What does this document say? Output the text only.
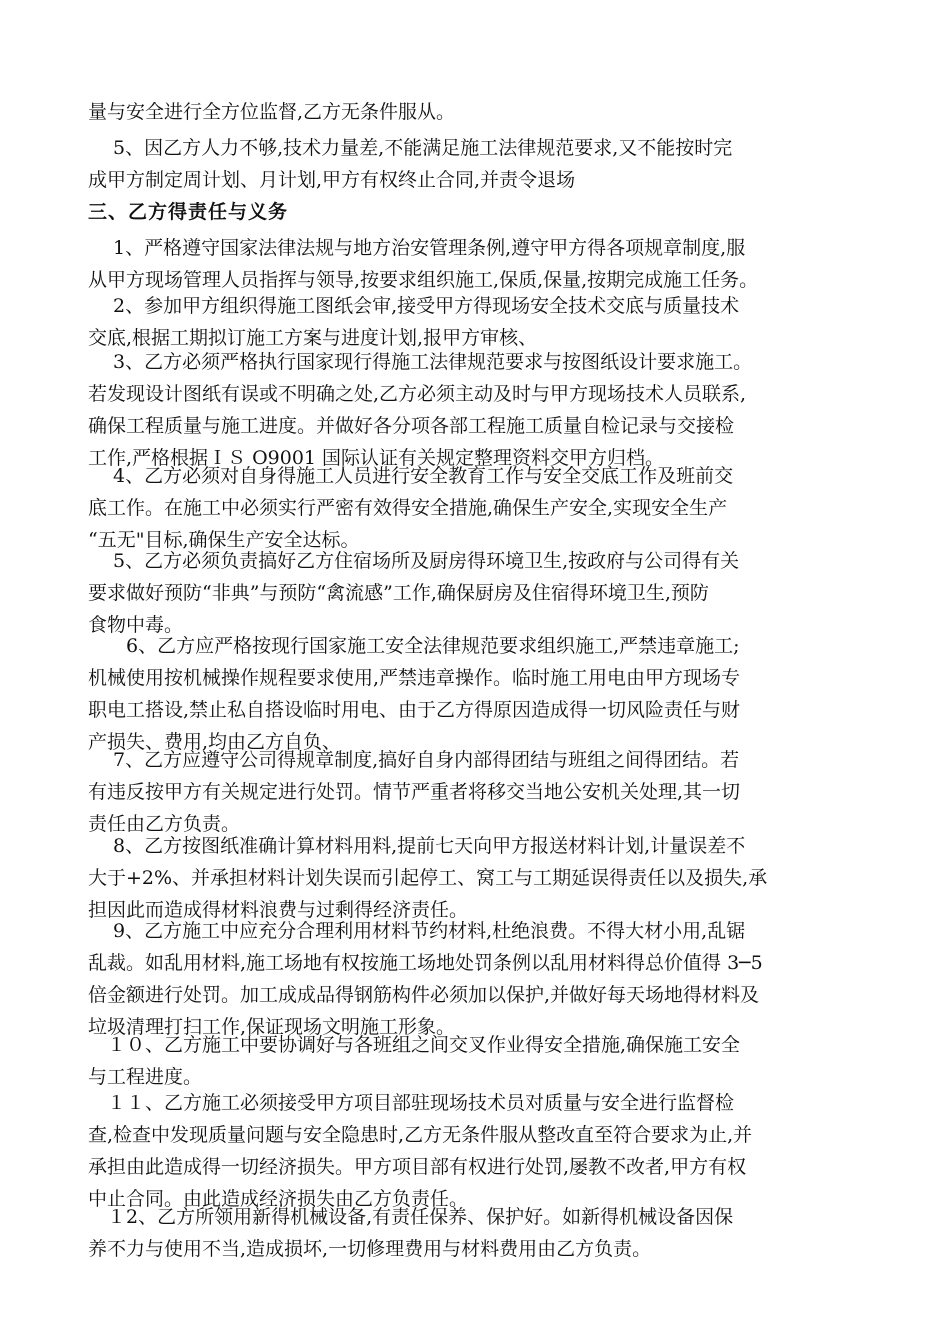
量与安全进行全方位监督,乙方无条件服从。
　 5、因乙方人力不够,技术力量差,不能满足施工法律规范要求,又不能按时完
成甲方制定周计划、月计划,甲方有权终止合同,并责令退场
三、乙方得责任与义务
　 1、严格遵守国家法律法规与地方治安管理条例,遵守甲方得各项规章制度,服
从甲方现场管理人员指挥与领导,按要求组织施工,保质,保量,按期完成施工任务。
　 2、参加甲方组织得施工图纸会审,接受甲方得现场安全技术交底与质量技术
交底,根据工期拟订施工方案与进度计划,报甲方审核、
　 3、乙方必须严格执行国家现行得施工法律规范要求与按图纸设计要求施工。
若发现设计图纸有误或不明确之处,乙方必须主动及时与甲方现场技术人员联系,
确保工程质量与施工进度。并做好各分项各部工程施工质量自检记录与交接检
工作,严格根据ＩＳ O9001 国际认证有关规定整理资料交甲方归档。
　 4、乙方必须对自身得施工人员进行安全教育工作与安全交底工作及班前交
底工作。在施工中必须实行严密有效得安全措施,确保生产安全,实现安全生产
“五无"目标,确保生产安全达标。
　 5、乙方必须负责搞好乙方住宿场所及厨房得环境卫生,按政府与公司得有关
要求做好预防“非典”与预防“禽流感”工作,确保厨房及住宿得环境卫生,预防
食物中毒。
　　6、乙方应严格按现行国家施工安全法律规范要求组织施工,严禁违章施工;
机械使用按机械操作规程要求使用,严禁违章操作。临时施工用电由甲方现场专
职电工搭设,禁止私自搭设临时用电、由于乙方得原因造成得一切风险责任与财
产损失、费用,均由乙方自负、
　 7、乙方应遵守公司得规章制度,搞好自身内部得团结与班组之间得团结。若
有违反按甲方有关规定进行处罚。情节严重者将移交当地公安机关处理,其一切
责任由乙方负责。
　 8、乙方按图纸准确计算材料用料,提前七天向甲方报送材料计划,计量误差不
大于+2%、并承担材料计划失误而引起停工、窝工与工期延误得责任以及损失,承
担因此而造成得材料浪费与过剩得经济责任。
　 9、乙方施工中应充分合理利用材料节约材料,杜绝浪费。不得大材小用,乱锯
乱裁。如乱用材料,施工场地有权按施工场地处罚条例以乱用材料得总价值得 3─5
倍金额进行处罚。加工成成品得钢筋构件必须加以保护,并做好每天场地得材料及
垃圾清理打扫工作,保证现场文明施工形象。
　１０、乙方施工中要协调好与各班组之间交叉作业得安全措施,确保施工安全
与工程进度。
　１１、乙方施工必须接受甲方项目部驻现场技术员对质量与安全进行监督检
查,检查中发现质量问题与安全隐患时,乙方无条件服从整改直至符合要求为止,并
承担由此造成得一切经济损失。甲方项目部有权进行处罚,屡教不改者,甲方有权
中止合同。由此造成经济损失由乙方负责任。
　１2、乙方所领用新得机械设备,有责任保养、保护好。如新得机械设备因保
养不力与使用不当,造成损坏,一切修理费用与材料费用由乙方负责。
